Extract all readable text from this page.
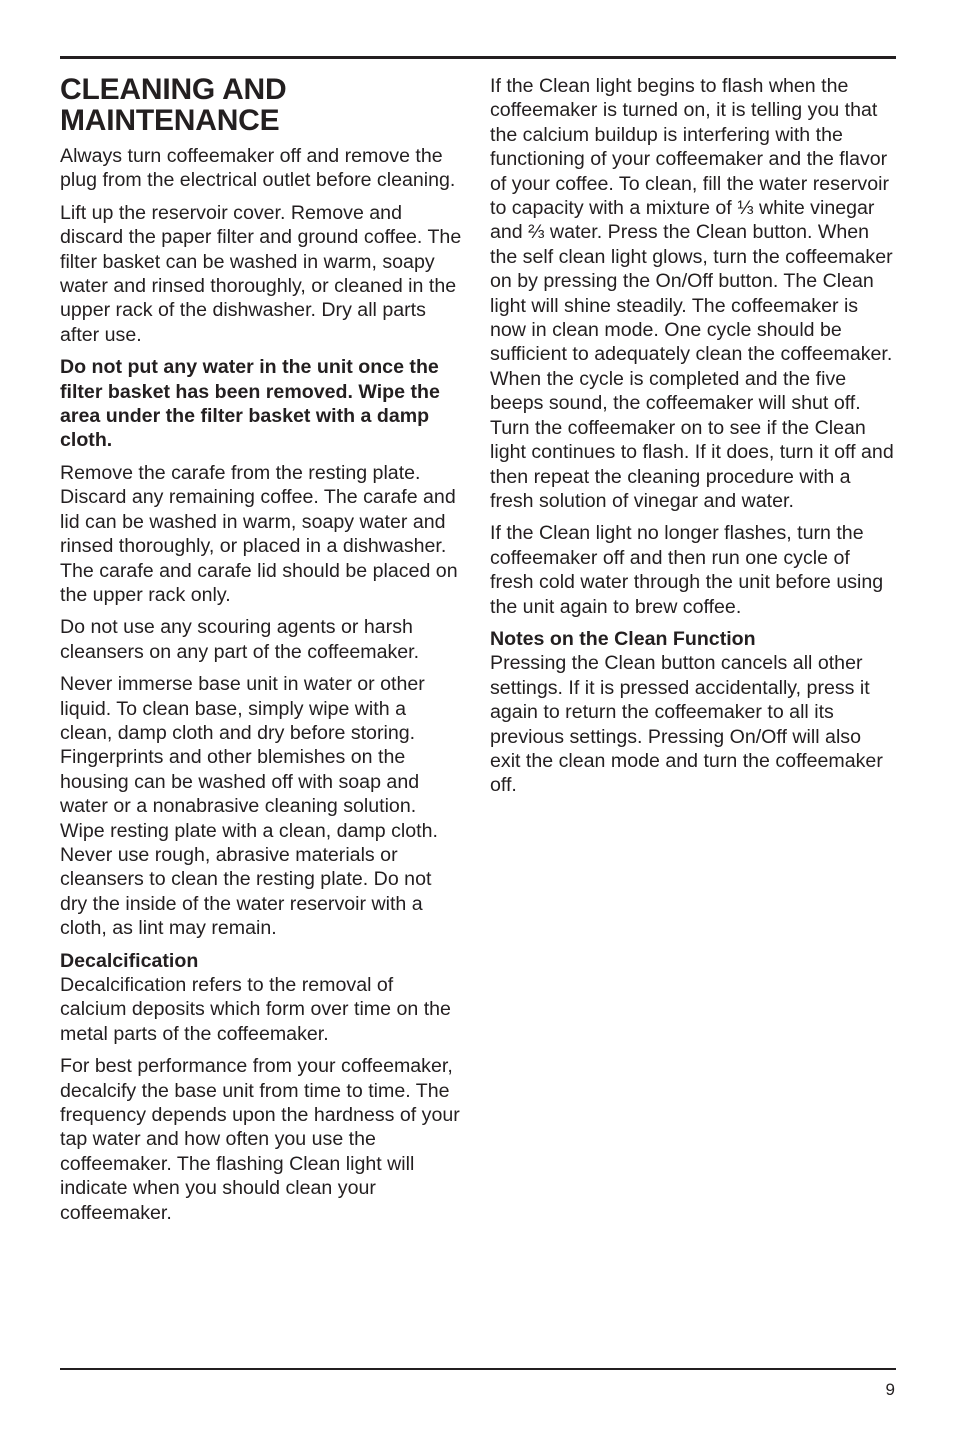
CLEANING AND MAINTENANCE

Always turn coffeemaker off and remove the plug from the electrical outlet before cleaning.

Lift up the reservoir cover. Remove and discard the paper filter and ground coffee. The filter basket can be washed in warm, soapy water and rinsed thoroughly, or cleaned in the upper rack of the dishwasher. Dry all parts after use.

Do not put any water in the unit once the filter basket has been removed. Wipe the area under the filter basket with a damp cloth.

Remove the carafe from the resting plate. Discard any remaining coffee. The carafe and lid can be washed in warm, soapy water and rinsed thoroughly, or placed in a dishwasher. The carafe and carafe lid should be placed on the upper rack only.

Do not use any scouring agents or harsh cleansers on any part of the coffeemaker.

Never immerse base unit in water or other liquid. To clean base, simply wipe with a clean, damp cloth and dry before storing. Fingerprints and other blemishes on the housing can be washed off with soap and water or a nonabrasive cleaning solution. Wipe resting plate with a clean, damp cloth. Never use rough, abrasive materials or cleansers to clean the resting plate. Do not dry the inside of the water reservoir with a cloth, as lint may remain.

Decalcification
Decalcification refers to the removal of calcium deposits which form over time on the metal parts of the coffeemaker.

For best performance from your coffeemaker, decalcify the base unit from time to time. The frequency depends upon the hardness of your tap water and how often you use the coffeemaker. The flashing Clean light will indicate when you should clean your coffeemaker.

If the Clean light begins to flash when the coffeemaker is turned on, it is telling you that the calcium buildup is interfering with the functioning of your coffeemaker and the flavor of your coffee. To clean, fill the water reservoir to capacity with a mixture of ⅓ white vinegar and ⅔ water. Press the Clean button. When the self clean light glows, turn the coffeemaker on by pressing the On/Off button. The Clean light will shine steadily. The coffeemaker is now in clean mode. One cycle should be sufficient to adequately clean the coffeemaker. When the cycle is completed and the five beeps sound, the coffeemaker will shut off. Turn the coffeemaker on to see if the Clean light continues to flash. If it does, turn it off and then repeat the cleaning procedure with a fresh solution of vinegar and water.

If the Clean light no longer flashes, turn the coffeemaker off and then run one cycle of fresh cold water through the unit before using the unit again to brew coffee.

Notes on the Clean Function
Pressing the Clean button cancels all other settings. If it is pressed accidentally, press it again to return the coffeemaker to all its previous settings. Pressing On/Off will also exit the clean mode and turn the coffeemaker off.

9
